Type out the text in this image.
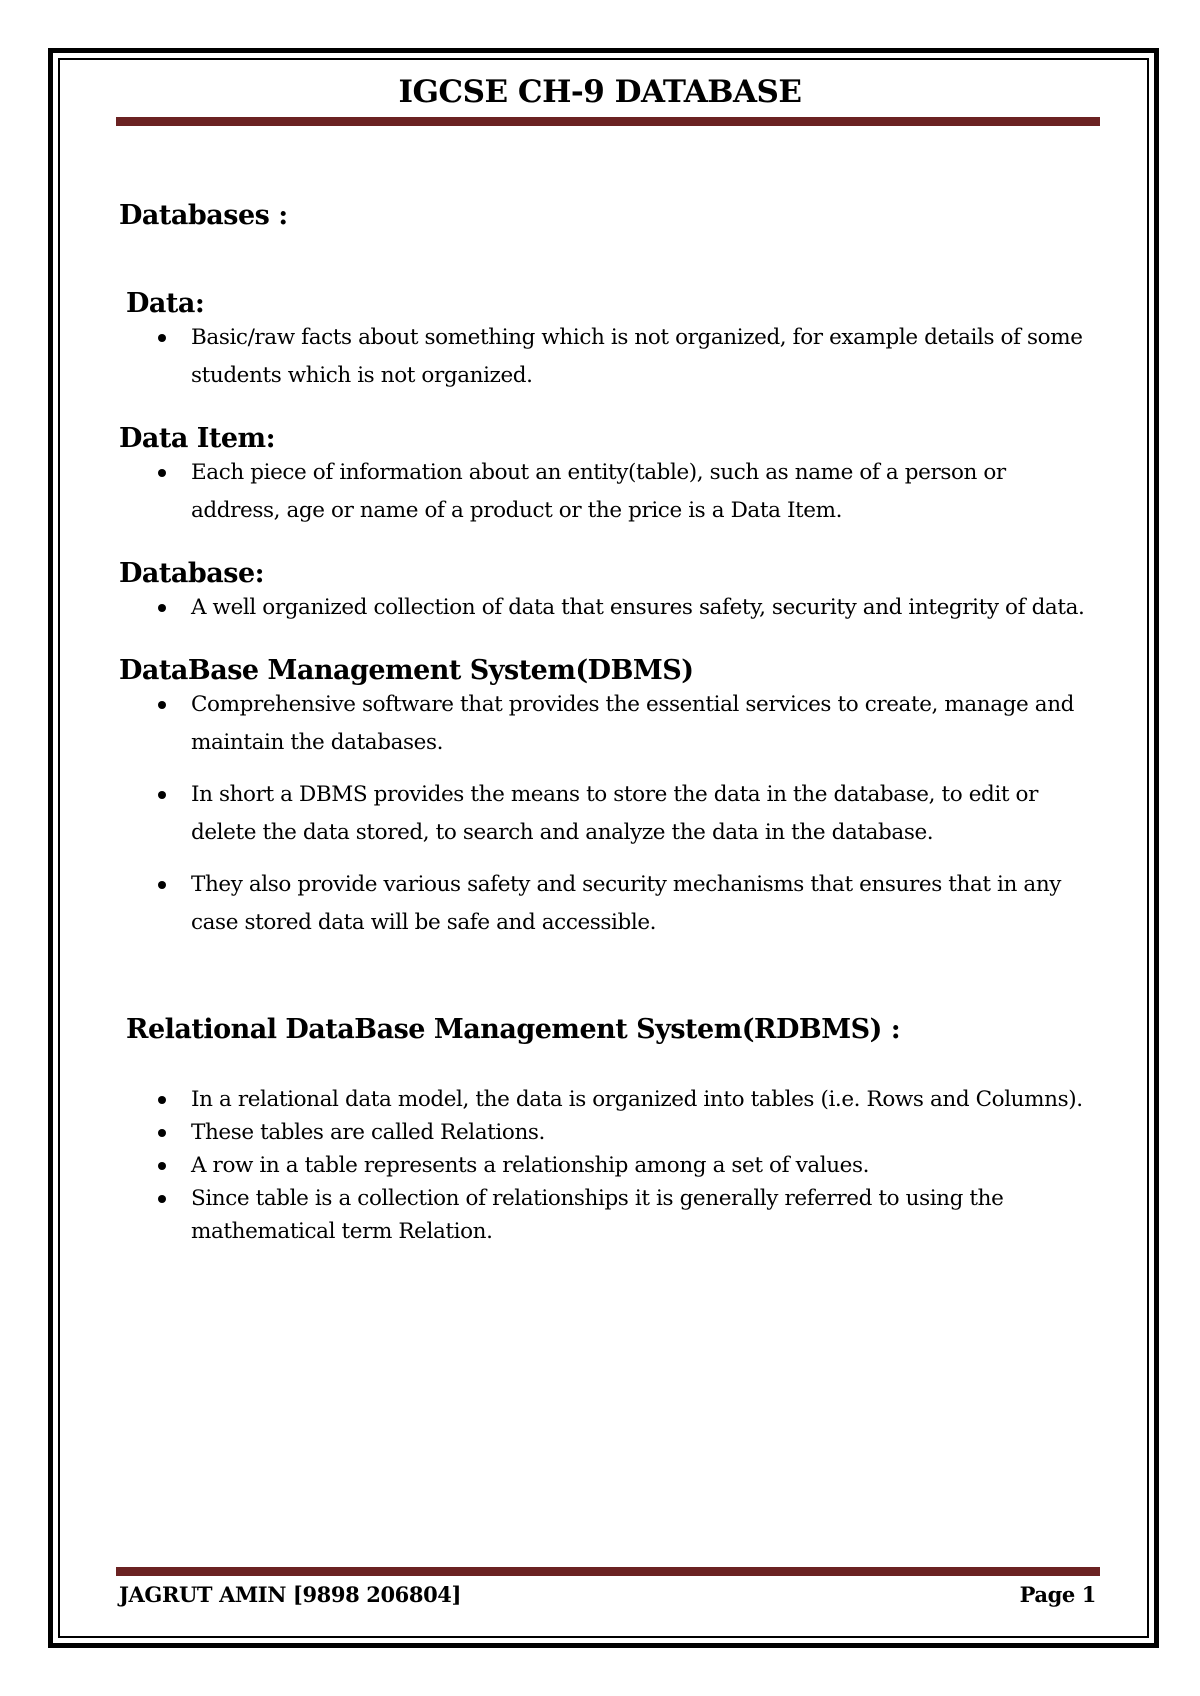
IGCSE CH-9 DATABASE
Databases :
Data:
Basic/raw facts about something which is not organized, for example details of some students which is not organized.
Data Item:
Each piece of information about an entity(table), such as name of a person or address, age or name of a product or the price is a Data Item.
Database:
A well organized collection of data that ensures safety, security and integrity of data.
DataBase Management System(DBMS)
Comprehensive software that provides the essential services to create, manage and maintain the databases.
In short a DBMS provides the means to store the data in the database, to edit or delete the data stored, to search and analyze the data in the database.
They also provide various safety and security mechanisms that ensures that in any case stored data will be safe and accessible.
Relational DataBase Management System(RDBMS) :
In a relational data model, the data is organized into tables (i.e. Rows and Columns).
These tables are called Relations.
A row in a table represents a relationship among a set of values.
Since table is a collection of relationships it is generally referred to using the mathematical term Relation.
JAGRUT AMIN [9898 206804]	Page 1
